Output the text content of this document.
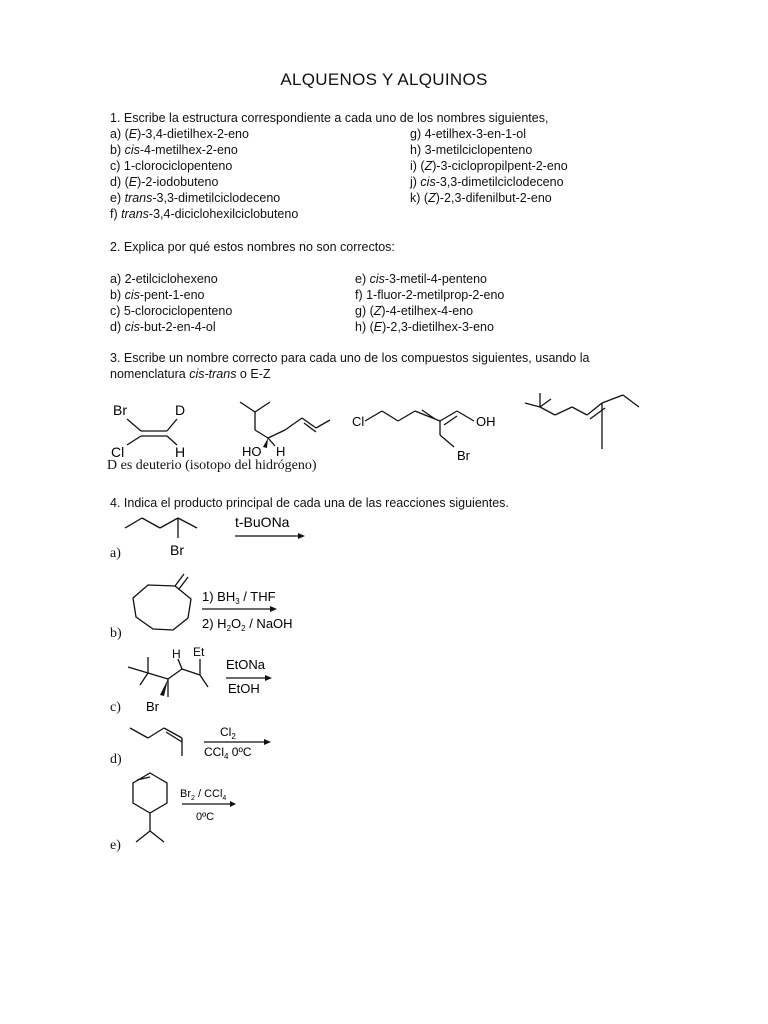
ALQUENOS Y ALQUINOS
1. Escribe la estructura correspondiente a cada uno de los nombres siguientes,
a) (E)-3,4-dietilhex-2-eno
b) cis-4-metilhex-2-eno
c) 1-clorociclopenteno
d) (E)-2-iodobuteno
e) trans-3,3-dimetilciclodeceno
f) trans-3,4-diciclohexilciclobuteno
g) 4-etilhex-3-en-1-ol
h) 3-metilciclopenteno
i) (Z)-3-ciclopropilpent-2-eno
j) cis-3,3-dimetilciclodeceno
k) (Z)-2,3-difenilbut-2-eno
2. Explica por qué estos nombres no son correctos:
a) 2-etilciclohexeno
b) cis-pent-1-eno
c) 5-clorociclopenteno
d) cis-but-2-en-4-ol
e) cis-3-metil-4-penteno
f) 1-fluor-2-metilprop-2-eno
g) (Z)-4-etilhex-4-eno
h) (E)-2,3-dietilhex-3-eno
3. Escribe un nombre correcto para cada uno de los compuestos siguientes, usando la
nomenclatura cis-trans o E-Z
Br	D
Cl	H	HO H
Cl	OH
Br
D es deuterio (isotopo del hidrógeno)
4. Indica el producto principal de cada una de las reacciones siguientes.
a)	Br
t-BuONa
b)
1) $BH_3$ / THF
2) $H_2O_2$ / NaOH
c)
H Et
Br
EtONa
EtOH
d)
$Cl_2$
CCl$_4$ 0ºC
e)
$Br_2 / CCl_4$
0ºC
